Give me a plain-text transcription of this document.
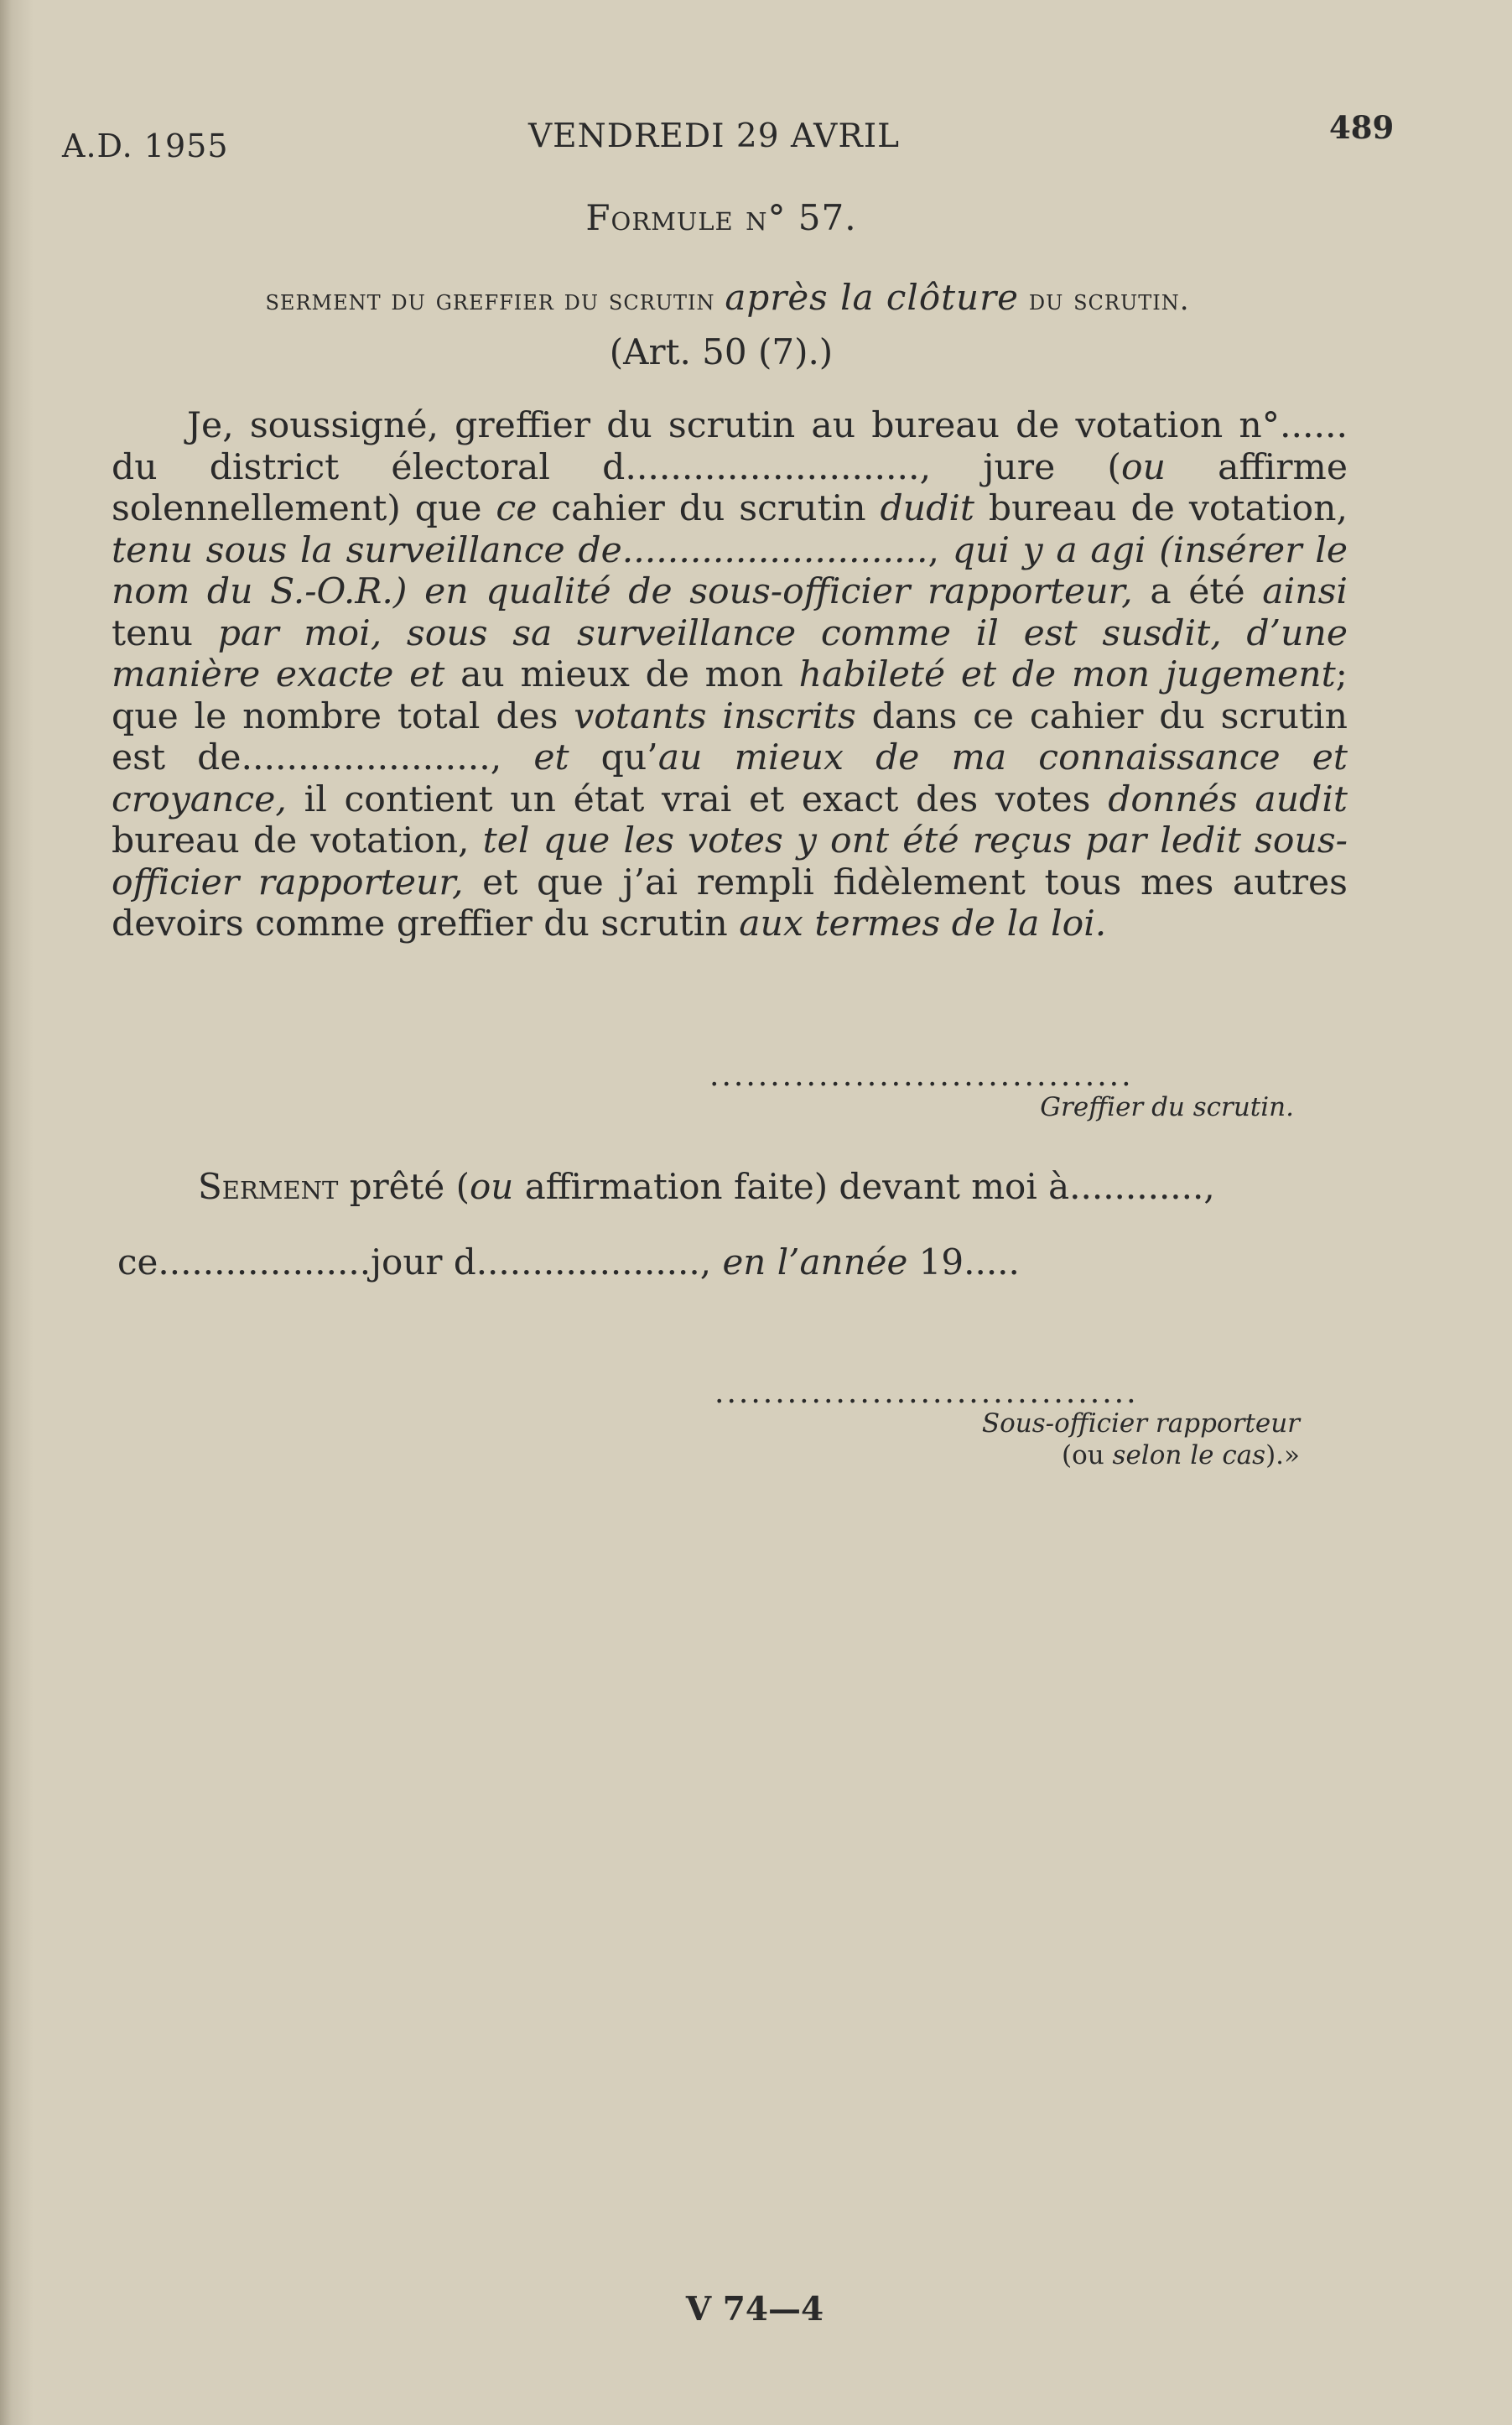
A.D. 1955	VENDREDI 29 AVRIL	489
Formule n° 57.
serment du greffier du scrutin après la clôture du scrutin.
(Art. 50 (7).)
Je, soussigné, greffier du scrutin au bureau de votation n°...... du district électoral d.........................., jure (ou affirme solennellement) que ce cahier du scrutin dudit bureau de votation, tenu sous la surveillance de..........................., qui y a agi (insérer le nom du S.-O.R.) en qualité de sous-officier rapporteur, a été ainsi tenu par moi, sous sa surveillance comme il est susdit, d’une manière exacte et au mieux de mon habileté et de mon jugement; que le nombre total des votants inscrits dans ce cahier du scrutin est de......................, et qu’au mieux de ma connaissance et croyance, il contient un état vrai et exact des votes donnés audit bureau de votation, tel que les votes y ont été reçus par ledit sous-officier rapporteur, et que j’ai rempli fidèlement tous mes autres devoirs comme greffier du scrutin aux termes de la loi.
...................................
Greffier du scrutin.
Serment prêté (ou affirmation faite) devant moi à............,
ce...................jour d...................., en l’année 19.....
...................................
Sous-officier rapporteur
(ou selon le cas).»
V 74—4
